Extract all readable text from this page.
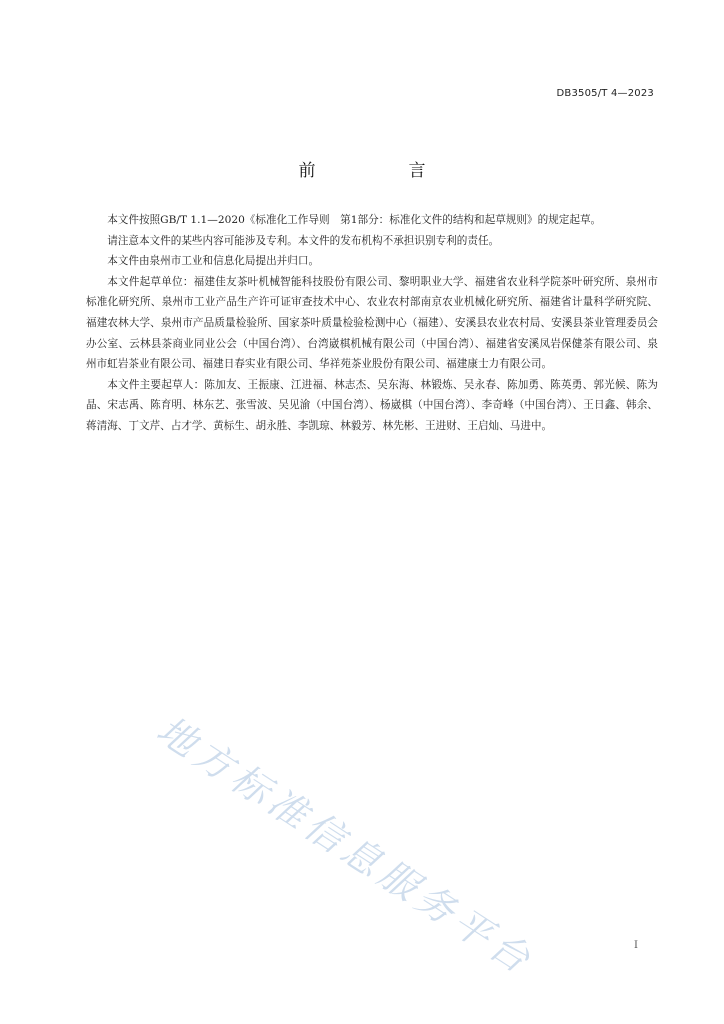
DB3505/T 4—2023
前　言

本文件按照GB/T 1.1—2020《标准化工作导则　第1部分：标准化文件的结构和起草规则》的规定起草。

请注意本文件的某些内容可能涉及专利。本文件的发布机构不承担识别专利的责任。

本文件由泉州市工业和信息化局提出并归口。

本文件起草单位：福建佳友茶叶机械智能科技股份有限公司、黎明职业大学、福建省农业科学院茶叶研究所、泉州市标准化研究所、泉州市工业产品生产许可证审查技术中心、农业农村部南京农业机械化研究所、福建省计量科学研究院、福建农林大学、泉州市产品质量检验所、国家茶叶质量检验检测中心（福建）、安溪县农业农村局、安溪县茶业管理委员会办公室、云林县茶商业同业公会（中国台湾）、台湾崴棋机械有限公司（中国台湾）、福建省安溪凤岩保健茶有限公司、泉州市虹岩茶业有限公司、福建日春实业有限公司、华祥苑茶业股份有限公司、福建康士力有限公司。

本文件主要起草人：陈加友、王振康、江进福、林志杰、吴东海、林锻炼、吴永春、陈加勇、陈英勇、郭光候、陈为晶、宋志禹、陈育明、林东艺、张雪波、吴见渝（中国台湾）、杨崴棋（中国台湾）、李奇峰（中国台湾）、王日鑫、韩余、蒋清海、丁文芹、占才学、黄标生、胡永胜、李凯琼、林毅芳、林先彬、王进财、王启灿、马进中。

地方标准信息服务平台	I
